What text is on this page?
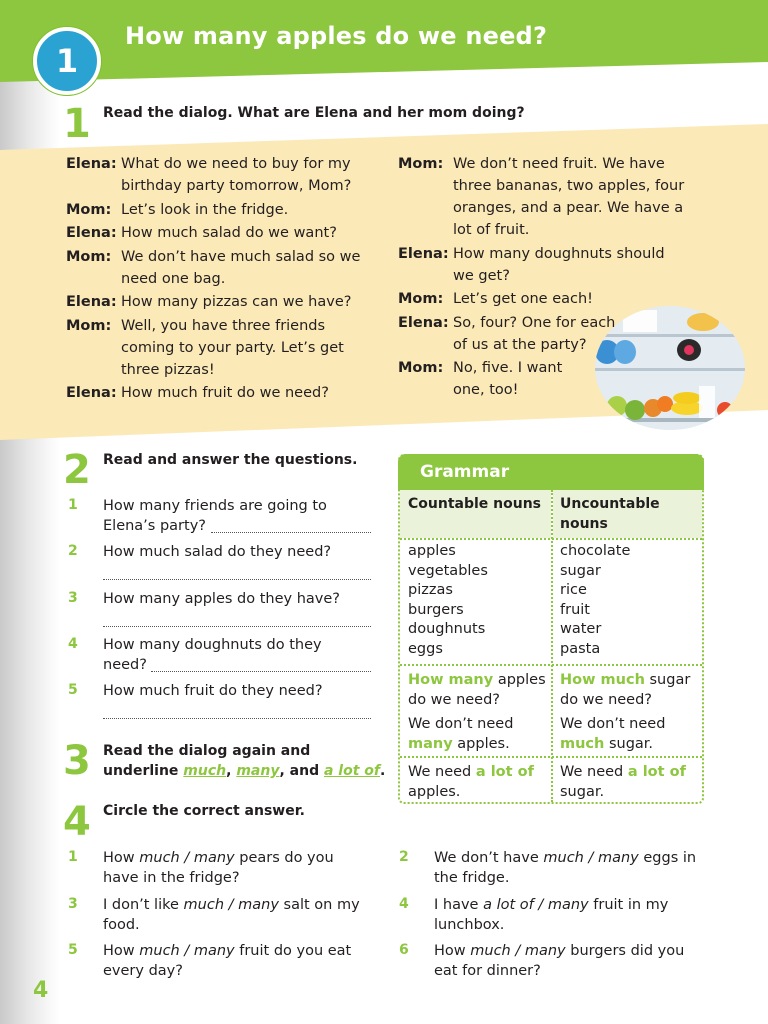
1
How many apples do we need?
1 Read the dialog. What are Elena and her mom doing?
Elena: What do we need to buy for my
birthday party tomorrow, Mom?
Mom: Let’s look in the fridge.
Elena: How much salad do we want?
Mom: We don’t have much salad so we
need one bag.
Elena: How many pizzas can we have?
Mom: Well, you have three friends
coming to your party. Let’s get
three pizzas!
Elena: How much fruit do we need?
Mom: We don’t need fruit. We have
three bananas, two apples, four
oranges, and a pear. We have a
lot of fruit.
Elena: How many doughnuts should
we get?
Mom: Let’s get one each!
Elena: So, four? One for each
of us at the party?
Mom: No, five. I want
one, too!
2 Read and answer the questions.
1 How many friends are going to
Elena’s party?
2 How much salad do they need?
3 How many apples do they have?
4 How many doughnuts do they
need?
5 How much fruit do they need?
3 Read the dialog again and
underline much, many, and a lot of.
Grammar
Countable nouns Uncountable
nouns
apples
vegetables
pizzas
burgers
doughnuts
eggs
chocolate
sugar
rice
fruit
water
pasta
How many apples
do we need?
How much sugar
do we need?
We don’t need
many apples.
We don’t need
much sugar.
We need a lot of
apples.
We need a lot of
sugar.
4 Circle the correct answer.
1 How much / many pears do you have in the fridge?
2 We don’t have much / many eggs in the fridge.
3 I don’t like much / many salt on my food.
4 I have a lot of / many fruit in my lunchbox.
5 How much / many fruit do you eat every day?
6 How much / many burgers did you eat for dinner?
4
